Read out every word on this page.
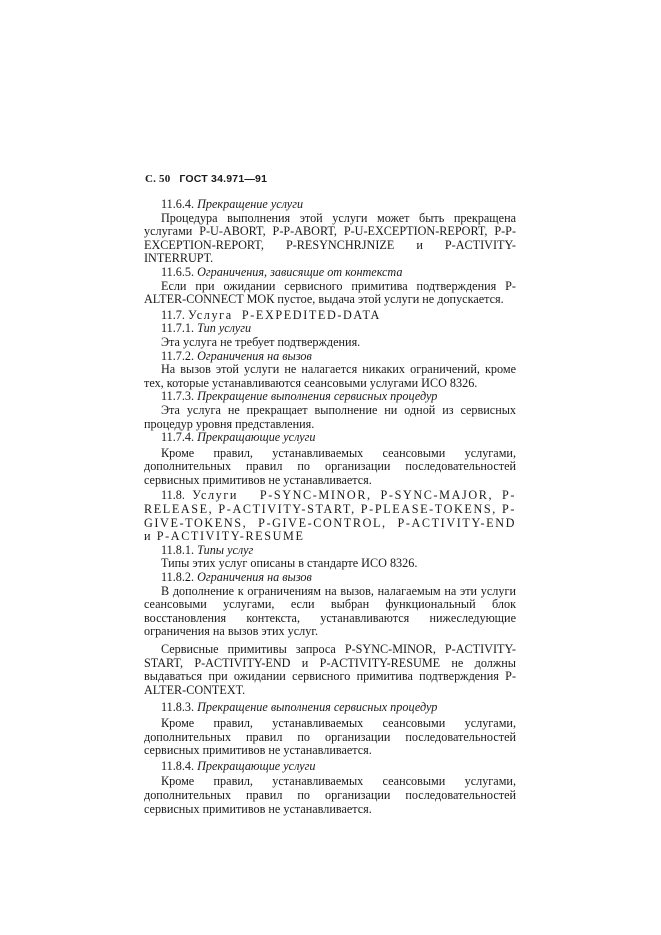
С. 50 ГОСТ 34.971—91

11.6.4. Прекращение услуги

Процедура выполнения этой услуги может быть прекращена услугами P-U-ABORT, P-P-ABORT, P-U-EXCEPTION-REPORT, P-P-EXCEPTION-REPORT, P-RESYNCHRJNIZE и P-ACTIVITY-INTERRUPT.

11.6.5. Ограничения, зависящие от контекста

Если при ожидании сервисного примитива подтверждения P-ALTER-CONNECT МОК пустое, выдача этой услуги не допускается.

11.7. Услуга P-EXPEDITED-DATA

11.7.1. Тип услуги

Эта услуга не требует подтверждения.

11.7.2. Ограничения на вызов

На вызов этой услуги не налагается никаких ограничений, кроме тех, которые устанавливаются сеансовыми услугами ИСО 8326.

11.7.3. Прекращение выполнения сервисных процедур

Эта услуга не прекращает выполнение ни одной из сервисных процедур уровня представления.

11.7.4. Прекращающие услуги

Кроме правил, устанавливаемых сеансовыми услугами, дополнительных правил по организации последовательностей сервисных примитивов не устанавливается.

11.8. Услуги P-SYNC-MINOR, P-SYNC-MAJOR, P-RELEASE, P-ACTIVITY-START, P-PLEASE-TOKENS, P-GIVE-TOKENS, P-GIVE-CONTROL, P-ACTIVITY-END и P-ACTIVITY-RESUME

11.8.1. Типы услуг

Типы этих услуг описаны в стандарте ИСО 8326.

11.8.2. Ограничения на вызов

В дополнение к ограничениям на вызов, налагаемым на эти услуги сеансовыми услугами, если выбран функциональный блок восстановления контекста, устанавливаются нижеследующие ограничения на вызов этих услуг.

Сервисные примитивы запроса P-SYNC-MINOR, P-ACTIVITY-START, P-ACTIVITY-END и P-ACTIVITY-RESUME не должны выдаваться при ожидании сервисного примитива подтверждения P-ALTER-CONTEXT.

11.8.3. Прекращение выполнения сервисных процедур

Кроме правил, устанавливаемых сеансовыми услугами, дополнительных правил по организации последовательностей сервисных примитивов не устанавливается.

11.8.4. Прекращающие услуги

Кроме правил, устанавливаемых сеансовыми услугами, дополнительных правил по организации последовательностей сервисных примитивов не устанавливается.
